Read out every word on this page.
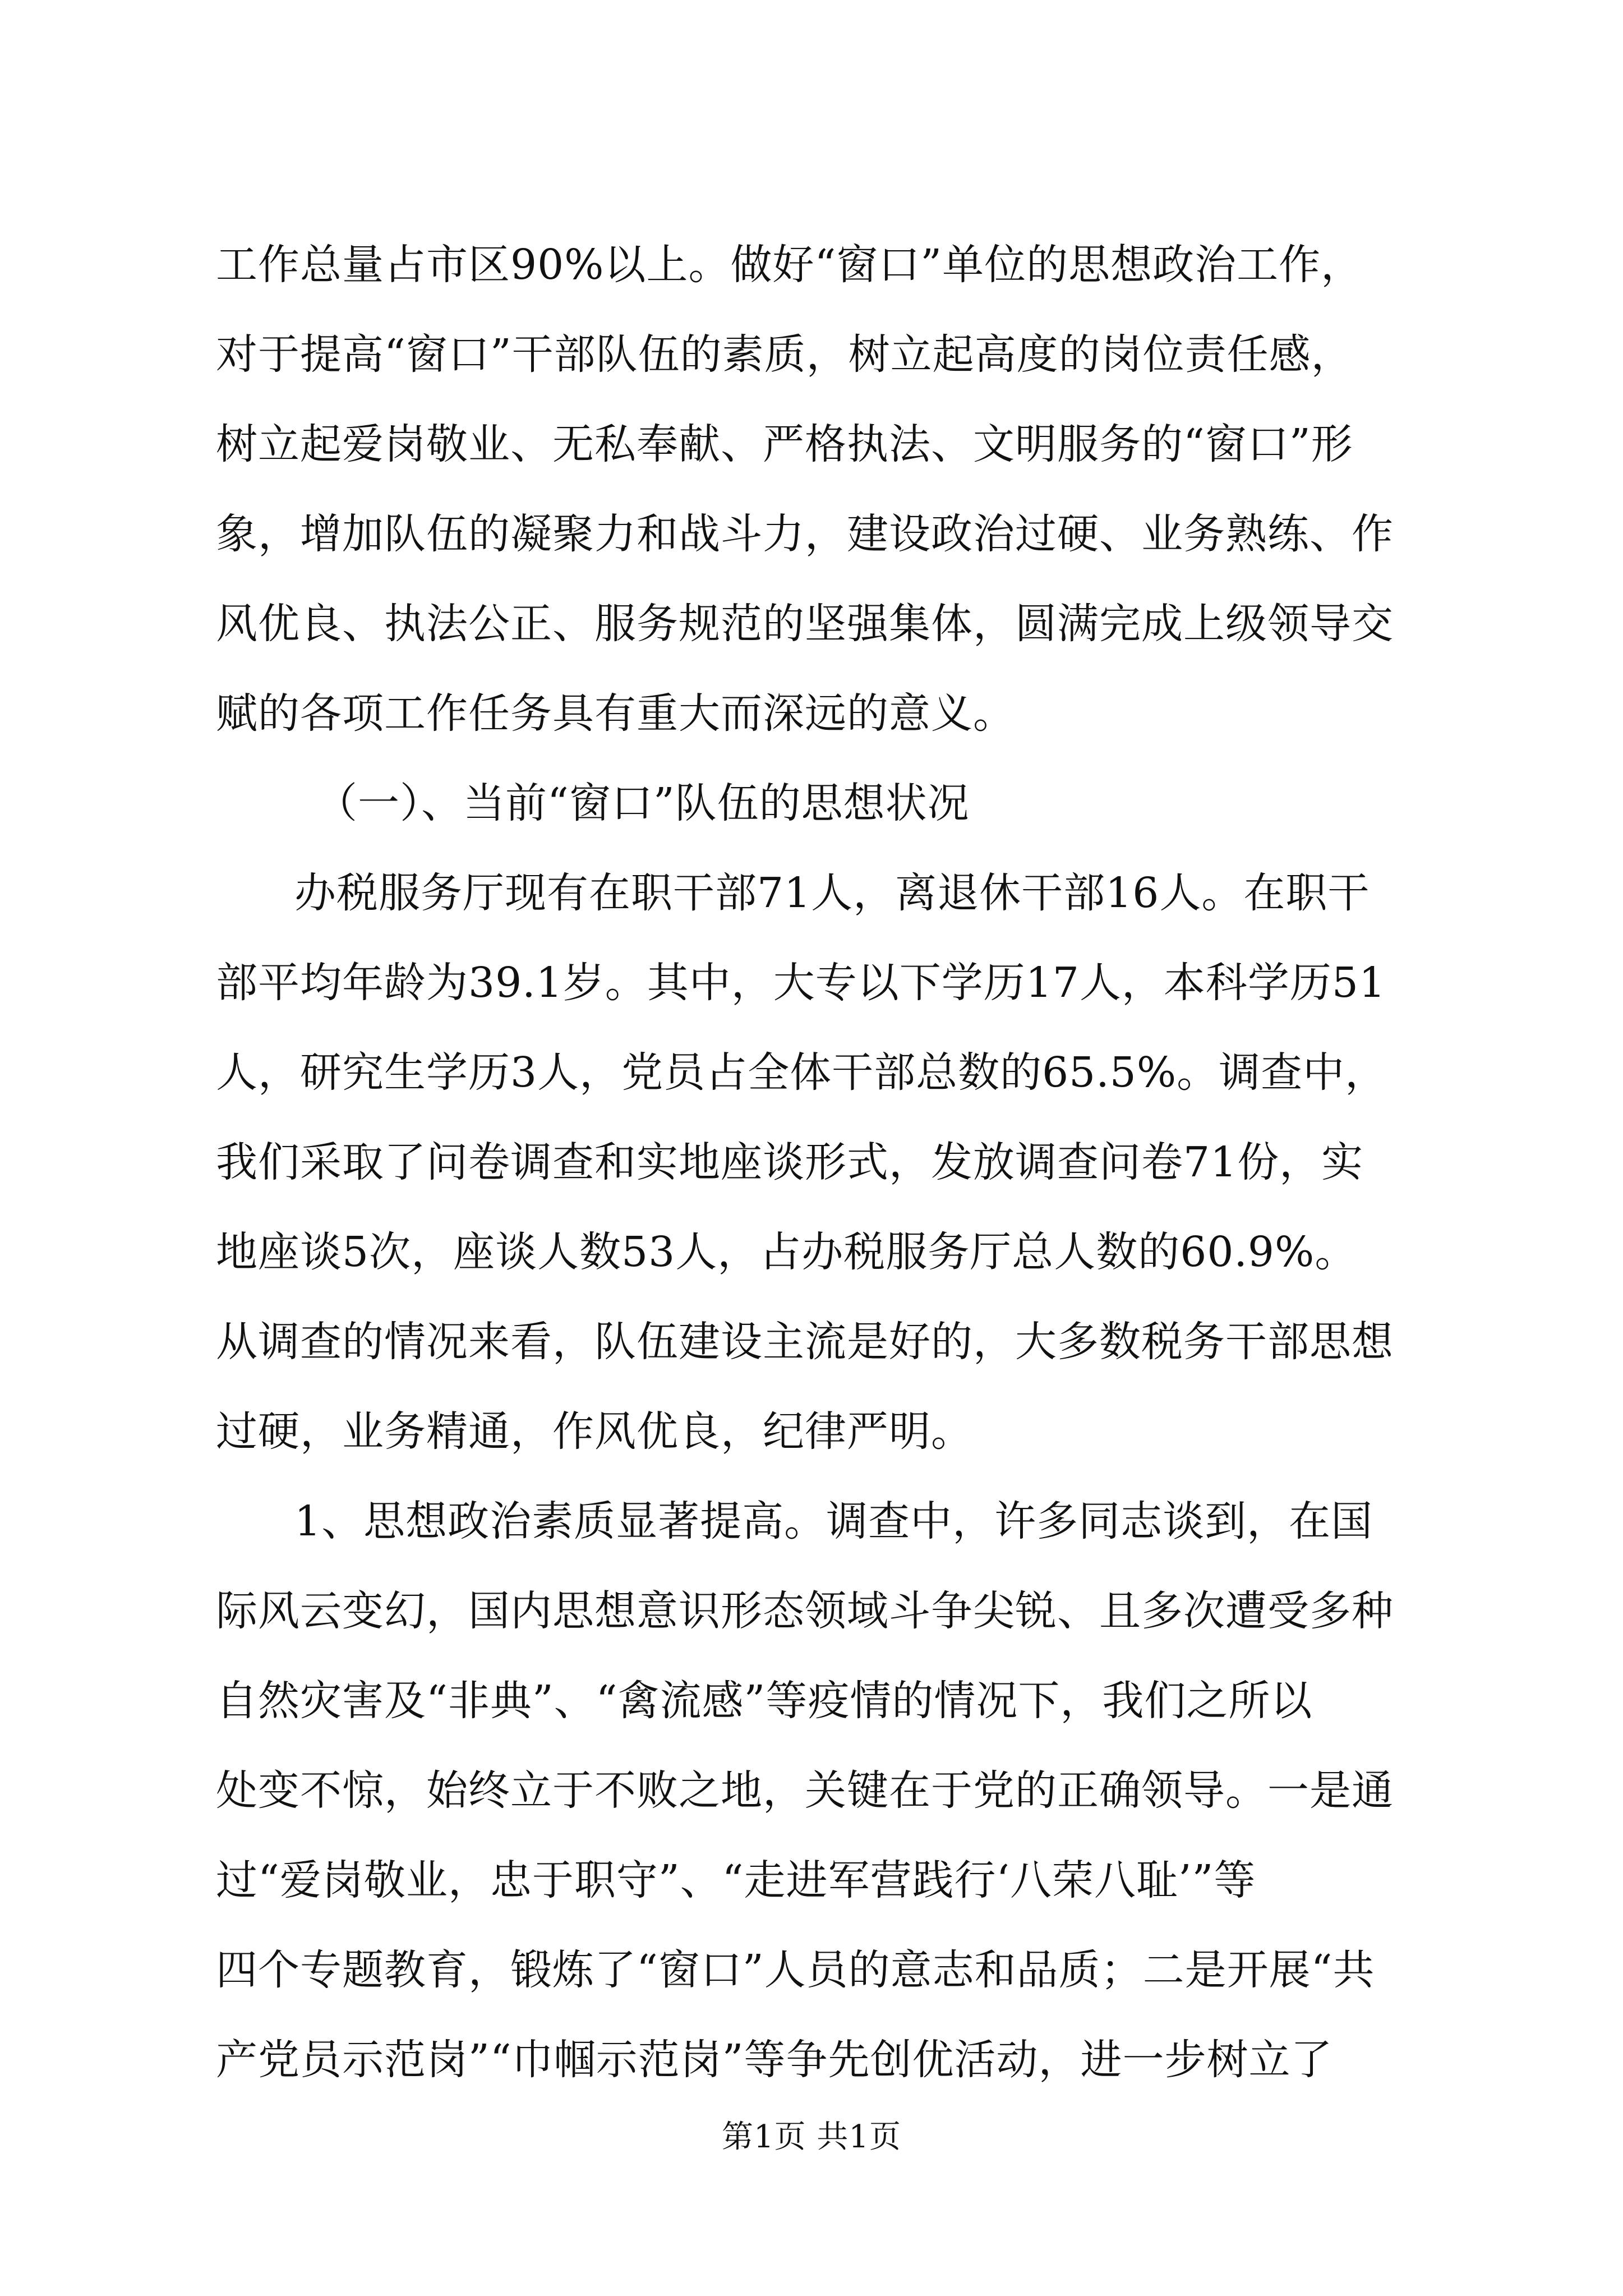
工作总量占市区90%以上。做好“窗口”单位的思想政治工作，
对于提高“窗口”干部队伍的素质，树立起高度的岗位责任感，
树立起爱岗敬业、无私奉献、严格执法、文明服务的“窗口”形
象，增加队伍的凝聚力和战斗力，建设政治过硬、业务熟练、作
风优良、执法公正、服务规范的坚强集体，圆满完成上级领导交
赋的各项工作任务具有重大而深远的意义。
（一）、当前“窗口”队伍的思想状况
办税服务厅现有在职干部71人，离退休干部16人。在职干
部平均年龄为39.1岁。其中，大专以下学历17人，本科学历51
人，研究生学历3人，党员占全体干部总数的65.5%。调查中，
我们采取了问卷调查和实地座谈形式，发放调查问卷71份，实
地座谈5次，座谈人数53人，占办税服务厅总人数的60.9%。
从调查的情况来看，队伍建设主流是好的，大多数税务干部思想
过硬，业务精通，作风优良，纪律严明。
1、思想政治素质显著提高。调查中，许多同志谈到，在国
际风云变幻，国内思想意识形态领域斗争尖锐、且多次遭受多种
自然灾害及“非典”、“禽流感”等疫情的情况下，我们之所以
处变不惊，始终立于不败之地，关键在于党的正确领导。一是通
过“爱岗敬业，忠于职守”、“走进军营践行‘八荣八耻’”等
四个专题教育，锻炼了“窗口”人员的意志和品质；二是开展“共
产党员示范岗”“巾帼示范岗”等争先创优活动，进一步树立了
第1页 共1页
